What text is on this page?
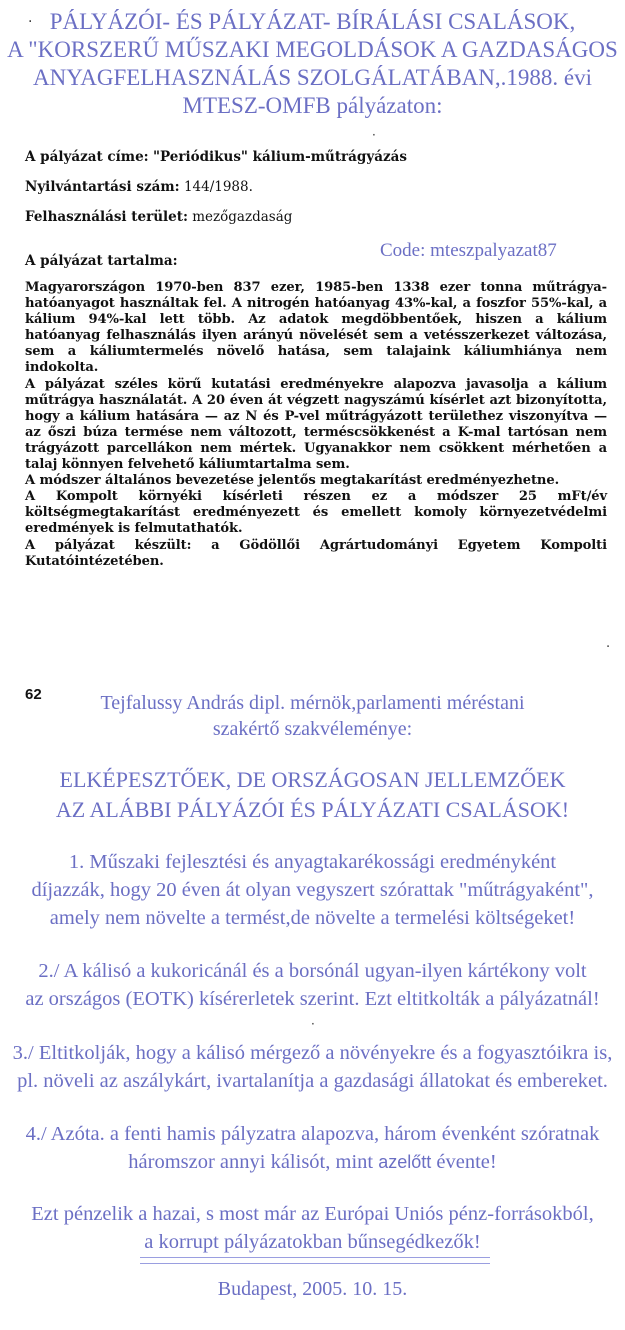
PÁLYÁZÓI- ÉS PÁLYÁZAT- BÍRÁLÁSI CSALÁSOK,
A "KORSZERŰ MŰSZAKI MEGOLDÁSOK A GAZDASÁGOS
ANYAGFELHASZNÁLÁS SZOLGÁLATÁBAN,.1988. évi
MTESZ-OMFB pályázaton:
A pályázat címe: "Periódikus" kálium-műtrágyázás
Nyilvántartási szám: 144/1988.
Felhasználási terület: mezőgazdaság
A pályázat tartalma:	Code: mteszpalyazat87

Magyarországon 1970-ben 837 ezer, 1985-ben 1338 ezer tonna műtrágya-hatóanyagot használtak fel. A nitrogén hatóanyag 43%-kal, a foszfor 55%-kal, a kálium 94%-kal lett több. Az adatok megdöbbentőek, hiszen a kálium hatóanyag felhasználás ilyen arányú növelését sem a vetésszerkezet változása, sem a káliumtermelés növelő hatása, sem talajaink káliumhiánya nem indokolta.

A pályázat széles körű kutatási eredményekre alapozva javasolja a kálium műtrágya használatát. A 20 éven át végzett nagyszámú kísérlet azt bizonyította, hogy a kálium hatására — az N és P-vel műtrágyázott területhez viszonyítva — az őszi búza termése nem változott, terméscsökkenést a K-mal tartósan nem trágyázott parcellákon nem mértek. Ugyanakkor nem csökkent mérhetően a talaj könnyen felvehető káliumtartalma sem.

A módszer általános bevezetése jelentős megtakarítást eredményezhetne.

A Kompolt környéki kísérleti részen ez a módszer 25 mFt/év költségmegtakarítást eredményezett és emellett komoly környezetvédelmi eredmények is felmutathatók.

A pályázat készült: a Gödöllői Agrártudományi Egyetem Kompolti Kutatóintézetében.

62	Tejfalussy András dipl. mérnök,parlamenti méréstani
szakértő szakvéleménye:
ELKÉPESZTŐEK, DE ORSZÁGOSAN JELLEMZŐEK
AZ ALÁBBI PÁLYÁZÓI ÉS PÁLYÁZATI CSALÁSOK!
1. Műszaki fejlesztési és anyagtakarékossági eredményként
díjazzák, hogy 20 éven át olyan vegyszert szórattak "műtrágyaként",
amely nem növelte a termést,de növelte a termelési költségeket!
2./ A kálisó a kukoricánál és a borsónál ugyan-ilyen kártékony volt
az országos (EOTK) kísérerletek szerint. Ezt eltitkolták a pályázatnál!
·
3./ Eltitkolják, hogy a kálisó mérgező a növényekre és a fogyasztóikra is,
pl. növeli az aszálykárt, ivartalanítja a gazdasági állatokat és embereket.
4./ Azóta. a fenti hamis pályzatra alapozva, három évenként szóratnak
háromszor annyi kálisót, mint azelőtt évente!
Ezt pénzelik a hazai, s most már az Európai Uniós pénz-forrásokból,
a korrupt pályázatokban bűnsegédkezők!
Budapest, 2005. 10. 15.
·
·
·
